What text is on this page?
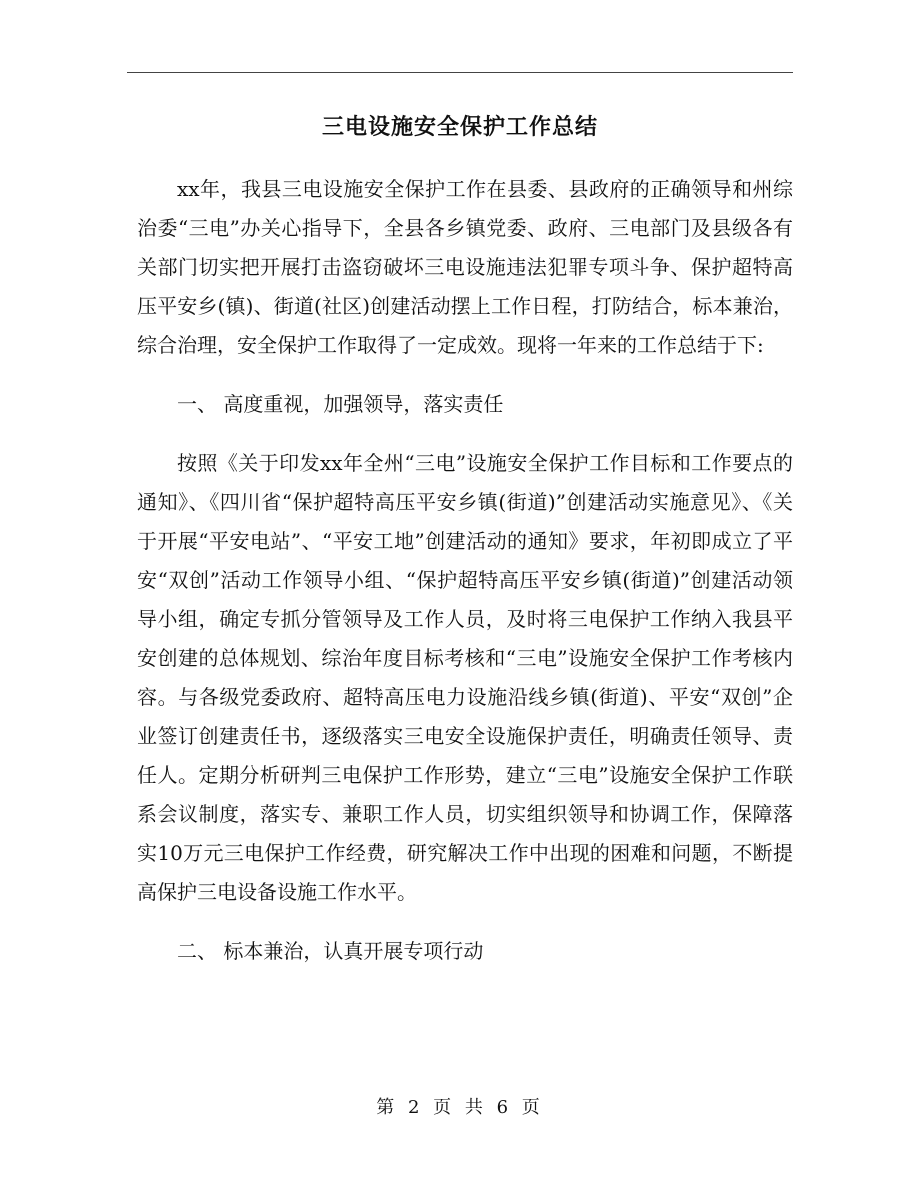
三电设施安全保护工作总结

xx年，我县三电设施安全保护工作在县委、县政府的正确领导和州综治委“三电”办关心指导下，全县各乡镇党委、政府、三电部门及县级各有关部门切实把开展打击盗窃破坏三电设施违法犯罪专项斗争、保护超特高压平安乡(镇)、街道(社区)创建活动摆上工作日程，打防结合，标本兼治，综合治理，安全保护工作取得了一定成效。现将一年来的工作总结于下:

一、 高度重视，加强领导，落实责任

按照《关于印发xx年全州“三电”设施安全保护工作目标和工作要点的通知》、《四川省“保护超特高压平安乡镇(街道)”创建活动实施意见》、《关于开展“平安电站”、“平安工地”创建活动的通知》要求，年初即成立了平安“双创”活动工作领导小组、“保护超特高压平安乡镇(街道)”创建活动领导小组，确定专抓分管领导及工作人员，及时将三电保护工作纳入我县平安创建的总体规划、综治年度目标考核和“三电”设施安全保护工作考核内容。与各级党委政府、超特高压电力设施沿线乡镇(街道)、平安“双创”企业签订创建责任书，逐级落实三电安全设施保护责任，明确责任领导、责任人。定期分析研判三电保护工作形势，建立“三电”设施安全保护工作联系会议制度，落实专、兼职工作人员，切实组织领导和协调工作，保障落实10万元三电保护工作经费，研究解决工作中出现的困难和问题，不断提高保护三电设备设施工作水平。

二、 标本兼治，认真开展专项行动

第 2 页 共 6 页
